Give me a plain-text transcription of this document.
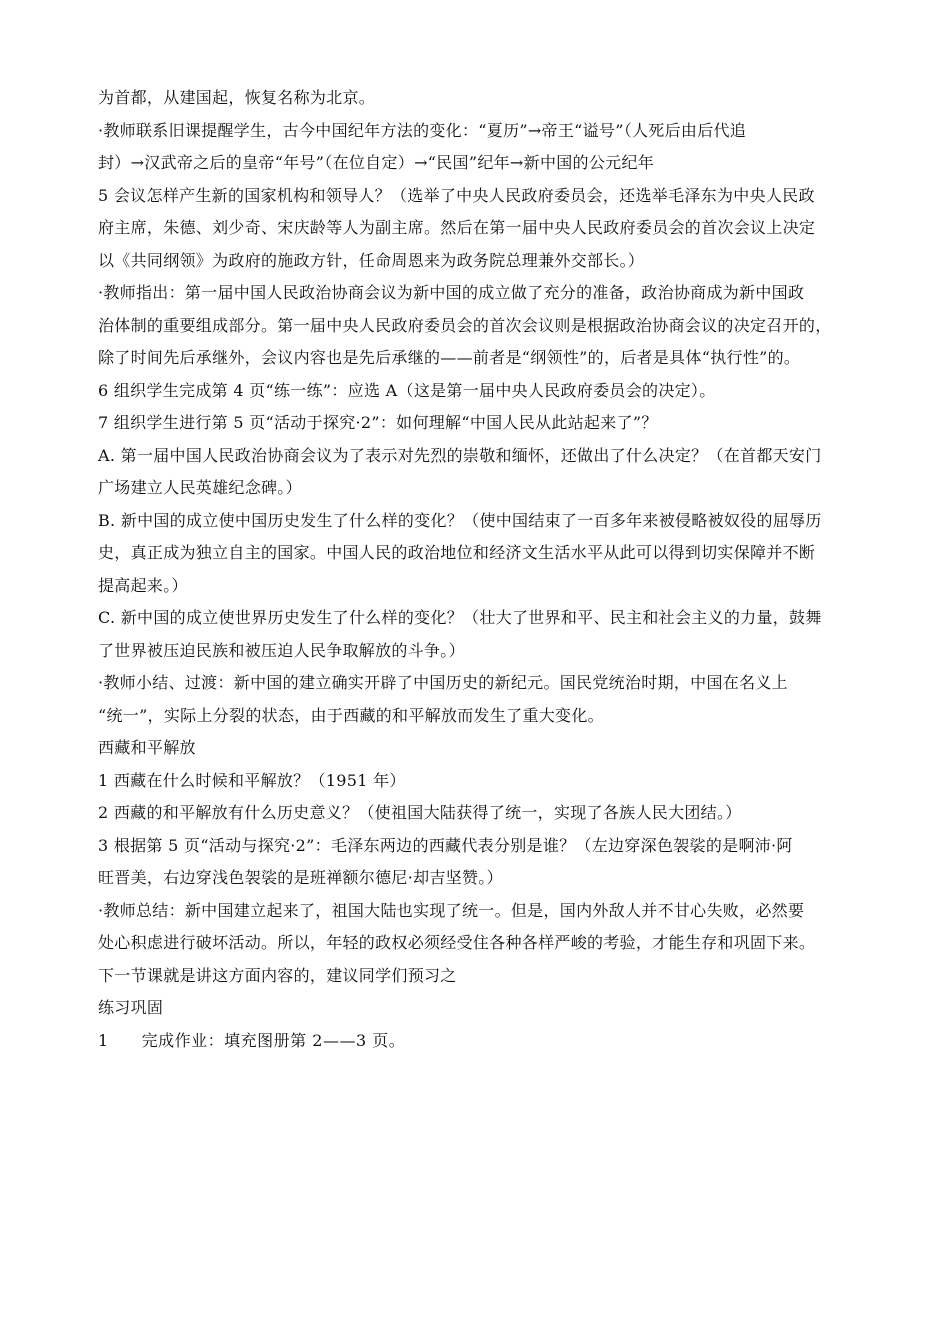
为首都，从建国起，恢复名称为北京。
·教师联系旧课提醒学生，古今中国纪年方法的变化：“夏历”→帝王“谥号”（人死后由后代追
封）→汉武帝之后的皇帝“年号”（在位自定）→“民国”纪年→新中国的公元纪年
5 会议怎样产生新的国家机构和领导人？（选举了中央人民政府委员会，还选举毛泽东为中央人民政
府主席，朱德、刘少奇、宋庆龄等人为副主席。然后在第一届中央人民政府委员会的首次会议上决定
以《共同纲领》为政府的施政方针，任命周恩来为政务院总理兼外交部长。）
·教师指出：第一届中国人民政治协商会议为新中国的成立做了充分的准备，政治协商成为新中国政
治体制的重要组成部分。第一届中央人民政府委员会的首次会议则是根据政治协商会议的决定召开的，
除了时间先后承继外，会议内容也是先后承继的——前者是“纲领性”的，后者是具体“执行性”的。
6 组织学生完成第 4 页“练一练”：应选 A（这是第一届中央人民政府委员会的决定）。
7 组织学生进行第 5 页“活动于探究·2”：如何理解“中国人民从此站起来了”？
A. 第一届中国人民政治协商会议为了表示对先烈的崇敬和缅怀，还做出了什么决定？（在首都天安门
广场建立人民英雄纪念碑。）
B. 新中国的成立使中国历史发生了什么样的变化？（使中国结束了一百多年来被侵略被奴役的屈辱历
史，真正成为独立自主的国家。中国人民的政治地位和经济文生活水平从此可以得到切实保障并不断
提高起来。）
C. 新中国的成立使世界历史发生了什么样的变化？（壮大了世界和平、民主和社会主义的力量，鼓舞
了世界被压迫民族和被压迫人民争取解放的斗争。）
·教师小结、过渡：新中国的建立确实开辟了中国历史的新纪元。国民党统治时期，中国在名义上
“统一”，实际上分裂的状态，由于西藏的和平解放而发生了重大变化。
西藏和平解放
1 西藏在什么时候和平解放？（1951 年）
2 西藏的和平解放有什么历史意义？（使祖国大陆获得了统一，实现了各族人民大团结。）
3 根据第 5 页“活动与探究·2”：毛泽东两边的西藏代表分别是谁？（左边穿深色袈裟的是啊沛·阿
旺晋美，右边穿浅色袈裟的是班禅额尔德尼·却吉坚赞。）
·教师总结：新中国建立起来了，祖国大陆也实现了统一。但是，国内外敌人并不甘心失败，必然要
处心积虑进行破坏活动。所以，年轻的政权必须经受住各种各样严峻的考验，才能生存和巩固下来。
下一节课就是讲这方面内容的，建议同学们预习之
练习巩固
1　　完成作业：填充图册第 2——3 页。
